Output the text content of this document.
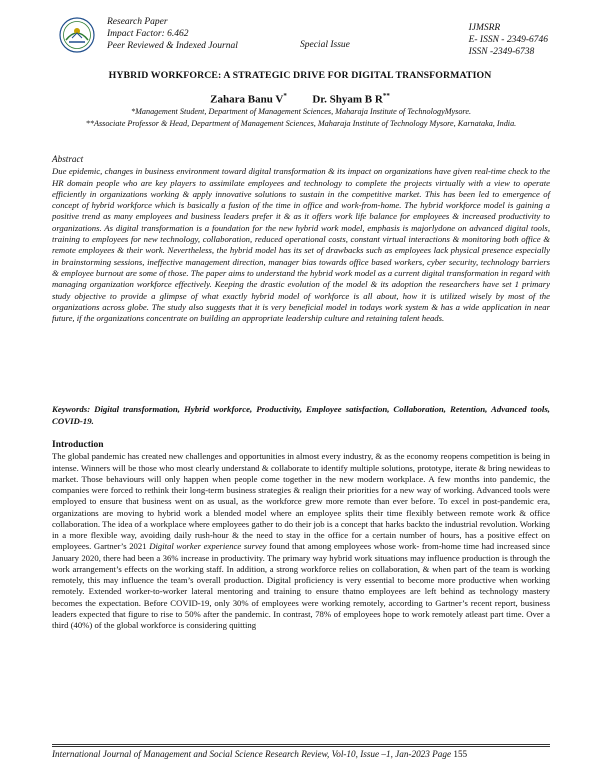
Research Paper
Impact Factor: 6.462
Peer Reviewed & Indexed Journal	Special Issue
IJMSRR
E- ISSN - 2349-6746
ISSN -2349-6738
HYBRID WORKFORCE: A STRATEGIC DRIVE FOR DIGITAL TRANSFORMATION
Zahara Banu V* Dr. Shyam B R**
*Management Student, Department of Management Sciences, Maharaja Institute of TechnologyMysore.
**Associate Professor & Head, Department of Management Sciences, Maharaja Institute of Technology Mysore, Karnataka, India.
Abstract
Due epidemic, changes in business environment toward digital transformation & its impact on organizations have given real-time check to the HR domain people who are key players to assimilate employees and technology to complete the projects virtually with a view to operate efficiently in organizations working & apply innovative solutions to sustain in the competitive market. This has been led to emergence of concept of hybrid workforce which is basically a fusion of the time in office and work-from-home. The hybrid workforce model is gaining a positive trend as many employees and business leaders prefer it & as it offers work life balance for employees & increased productivity to organizations. As digital transformation is a foundation for the new hybrid work model, emphasis is majorlydone on advanced digital tools, training to employees for new technology, collaboration, reduced operational costs, constant virtual interactions & monitoring both office & remote employees & their work. Nevertheless, the hybrid model has its set of drawbacks such as employees lack physical presence especially in brainstorming sessions, ineffective management direction, manager bias towards office based workers, cyber security, technology barriers & employee burnout are some of those. The paper aims to understand the hybrid work model as a current digital transformation in regard with managing organization workforce effectively. Keeping the drastic evolution of the model & its adoption the researchers have set 1 primary study objective to provide a glimpse of what exactly hybrid model of workforce is all about, how it is utilized wisely by most of the organizations across globe. The study also suggests that it is very beneficial model in todays work system & has a wide application in near future, if the organizations concentrate on building an appropriate leadership culture and retaining talent heads.
Keywords: Digital transformation, Hybrid workforce, Productivity, Employee satisfaction, Collaboration, Retention, Advanced tools, COVID-19.
Introduction
The global pandemic has created new challenges and opportunities in almost every industry, & as the economy reopens competition is being in intense. Winners will be those who most clearly understand & collaborate to identify multiple solutions, prototype, iterate & bring newideas to market. Those behaviours will only happen when people come together in the new modern workplace. A few months into pandemic, the companies were forced to rethink their long-term business strategies & realign their priorities for a new way of working. Advanced tools were employed to ensure that business went on as usual, as the workforce grew more remote than ever before. To excel in post-pandemic era, organizations are moving to hybrid work a blended model where an employee splits their time flexibly between remote work & office collaboration. The idea of a workplace where employees gather to do their job is a concept that harks backto the industrial revolution. Working in a more flexible way, avoiding daily rush-hour & the need to stay in the office for a certain number of hours, has a positive effect on employees. Gartner’s 2021 Digital worker experience survey found that among employees whose work- from-home time had increased since January 2020, there had been a 36% increase in productivity. The primary way hybrid work situations may influence production is through the work arrangement’s effects on the working staff. In addition, a strong workforce relies on collaboration, & when part of the team is working remotely, this may influence the team’s overall production. Digital proficiency is very essential to become more productive when working remotely. Extended worker-to-worker lateral mentoring and training to ensure thatno employees are left behind as technology mastery becomes the expectation. Before COVID-19, only 30% of employees were working remotely, according to Gartner’s recent report, business leaders expected that figure to rise to 50% after the pandemic. In contrast, 78% of employees hope to work remotely atleast part time. Over a third (40%) of the global workforce is considering quitting
International Journal of Management and Social Science Research Review, Vol-10, Issue –1, Jan-2023 Page 155
